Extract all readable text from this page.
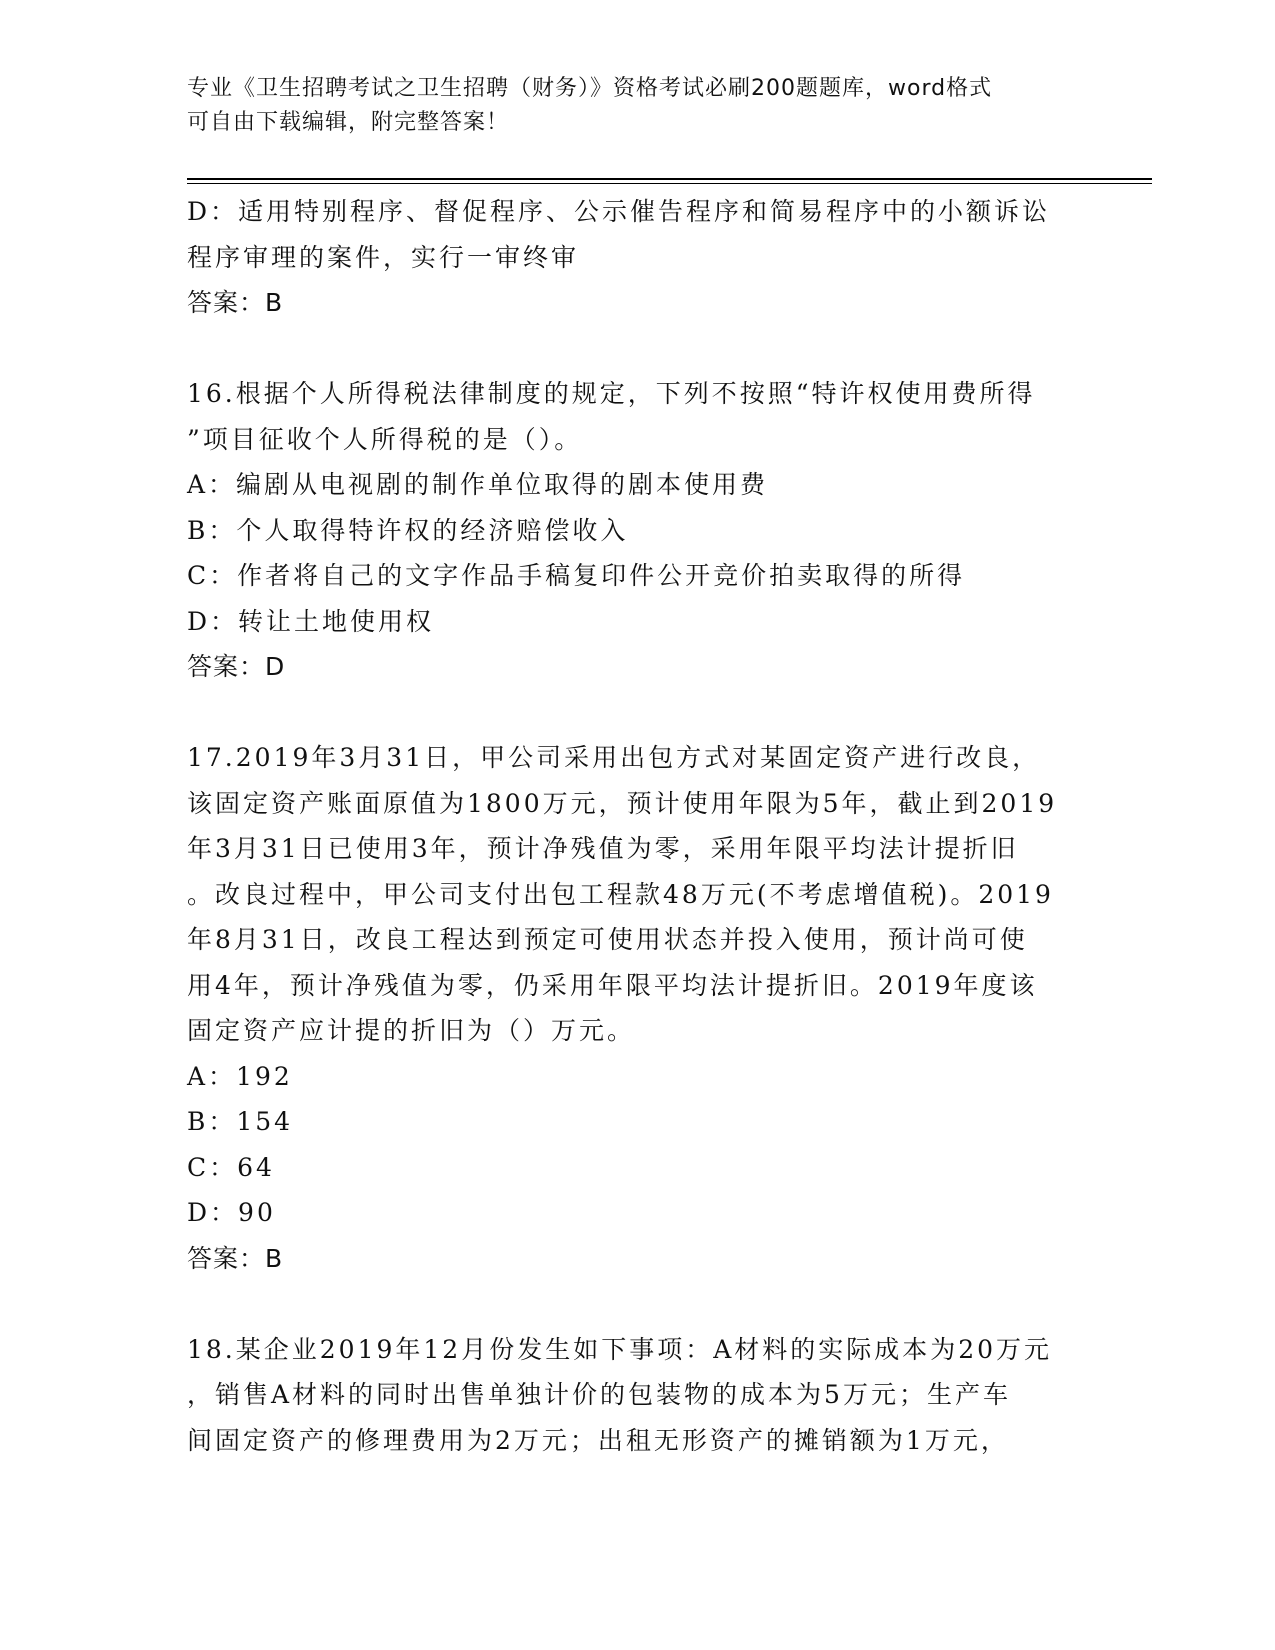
专业《卫生招聘考试之卫生招聘（财务）》资格考试必刷200题题库，word格式
可自由下载编辑，附完整答案！
D：适用特别程序、督促程序、公示催告程序和简易程序中的小额诉讼
程序审理的案件，实行一审终审
答案：B
16.根据个人所得税法律制度的规定，下列不按照“特许权使用费所得
”项目征收个人所得税的是（）。
A：编剧从电视剧的制作单位取得的剧本使用费
B：个人取得特许权的经济赔偿收入
C：作者将自己的文字作品手稿复印件公开竞价拍卖取得的所得
D：转让土地使用权
答案：D
17.2019年3月31日，甲公司采用出包方式对某固定资产进行改良，
该固定资产账面原值为1800万元，预计使用年限为5年，截止到2019
年3月31日已使用3年，预计净残值为零，采用年限平均法计提折旧
。改良过程中，甲公司支付出包工程款48万元(不考虑增值税)。2019
年8月31日，改良工程达到预定可使用状态并投入使用，预计尚可使
用4年，预计净残值为零，仍采用年限平均法计提折旧。2019年度该
固定资产应计提的折旧为（）万元。
A：192
B：154
C：64
D：90
答案：B
18.某企业2019年12月份发生如下事项：A材料的实际成本为20万元
，销售A材料的同时出售单独计价的包装物的成本为5万元；生产车
间固定资产的修理费用为2万元；出租无形资产的摊销额为1万元，
